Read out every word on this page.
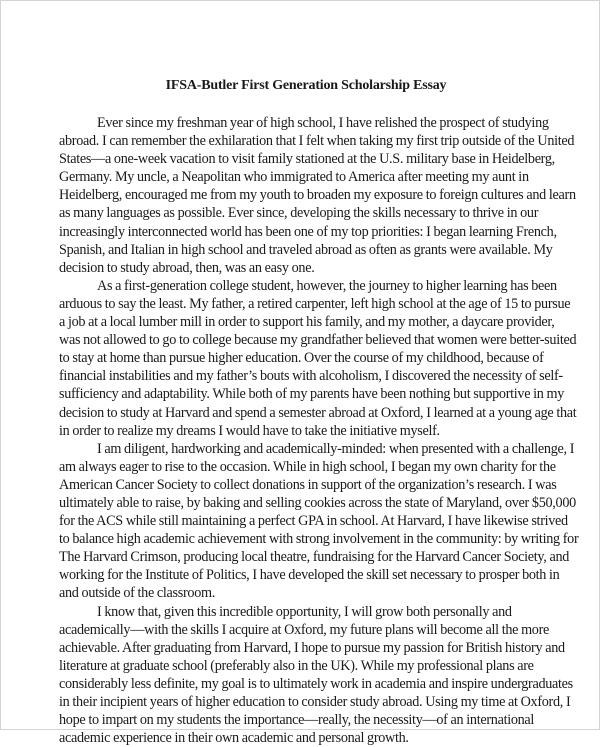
IFSA-Butler First Generation Scholarship Essay
Ever since my freshman year of high school, I have relished the prospect of studying
abroad. I can remember the exhilaration that I felt when taking my first trip outside of the United
States—a one-week vacation to visit family stationed at the U.S. military base in Heidelberg,
Germany. My uncle, a Neapolitan who immigrated to America after meeting my aunt in
Heidelberg, encouraged me from my youth to broaden my exposure to foreign cultures and learn
as many languages as possible. Ever since, developing the skills necessary to thrive in our
increasingly interconnected world has been one of my top priorities: I began learning French,
Spanish, and Italian in high school and traveled abroad as often as grants were available. My
decision to study abroad, then, was an easy one.
As a first-generation college student, however, the journey to higher learning has been
arduous to say the least. My father, a retired carpenter, left high school at the age of 15 to pursue
a job at a local lumber mill in order to support his family, and my mother, a daycare provider,
was not allowed to go to college because my grandfather believed that women were better-suited
to stay at home than pursue higher education. Over the course of my childhood, because of
financial instabilities and my father’s bouts with alcoholism, I discovered the necessity of self-
sufficiency and adaptability. While both of my parents have been nothing but supportive in my
decision to study at Harvard and spend a semester abroad at Oxford, I learned at a young age that
in order to realize my dreams I would have to take the initiative myself.
I am diligent, hardworking and academically-minded: when presented with a challenge, I
am always eager to rise to the occasion. While in high school, I began my own charity for the
American Cancer Society to collect donations in support of the organization’s research. I was
ultimately able to raise, by baking and selling cookies across the state of Maryland, over $50,000
for the ACS while still maintaining a perfect GPA in school. At Harvard, I have likewise strived
to balance high academic achievement with strong involvement in the community: by writing for
The Harvard Crimson, producing local theatre, fundraising for the Harvard Cancer Society, and
working for the Institute of Politics, I have developed the skill set necessary to prosper both in
and outside of the classroom.
I know that, given this incredible opportunity, I will grow both personally and
academically—with the skills I acquire at Oxford, my future plans will become all the more
achievable. After graduating from Harvard, I hope to pursue my passion for British history and
literature at graduate school (preferably also in the UK). While my professional plans are
considerably less definite, my goal is to ultimately work in academia and inspire undergraduates
in their incipient years of higher education to consider study abroad. Using my time at Oxford, I
hope to impart on my students the importance—really, the necessity—of an international
academic experience in their own academic and personal growth.
